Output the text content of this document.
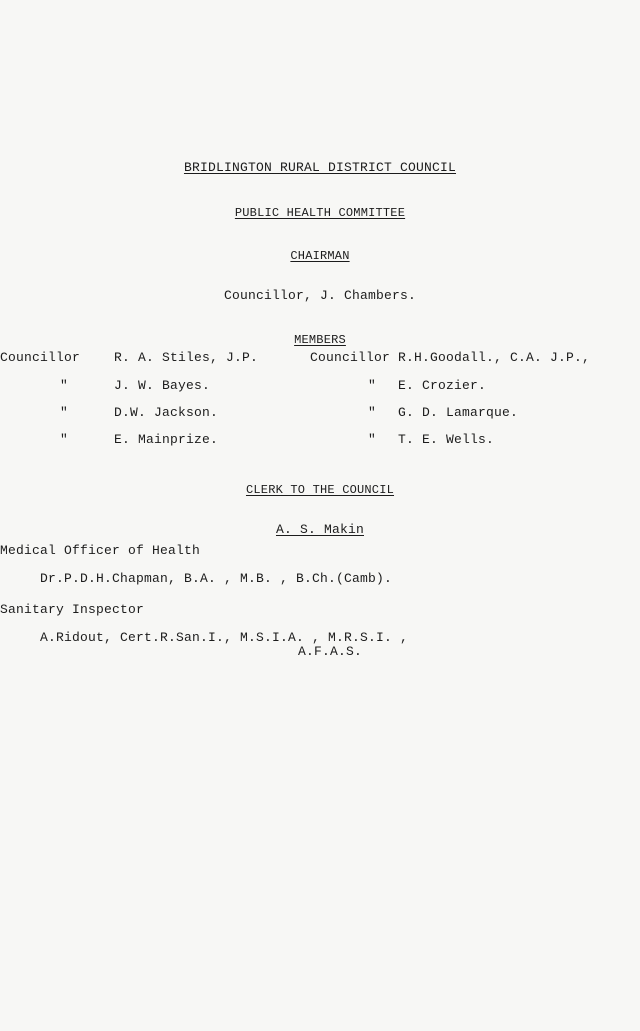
BRIDLINGTON RURAL DISTRICT COUNCIL
PUBLIC HEALTH COMMITTEE
CHAIRMAN
Councillor, J. Chambers.
MEMBERS
Councillor	R. A. Stiles, J.P.	Councillor R.H.Goodall., C.A. J.P.,
"	J. W. Bayes.	" E. Crozier.
"	D.W. Jackson.	" G. D. Lamarque.
"	E. Mainprize.	" T. E. Wells.
CLERK TO THE COUNCIL
A. S. Makin
Medical Officer of Health
Dr.P.D.H.Chapman, B.A. , M.B. , B.Ch.(Camb).
Sanitary Inspector
A.Ridout, Cert.R.San.I., M.S.I.A. , M.R.S.I. ,
A.F.A.S.
